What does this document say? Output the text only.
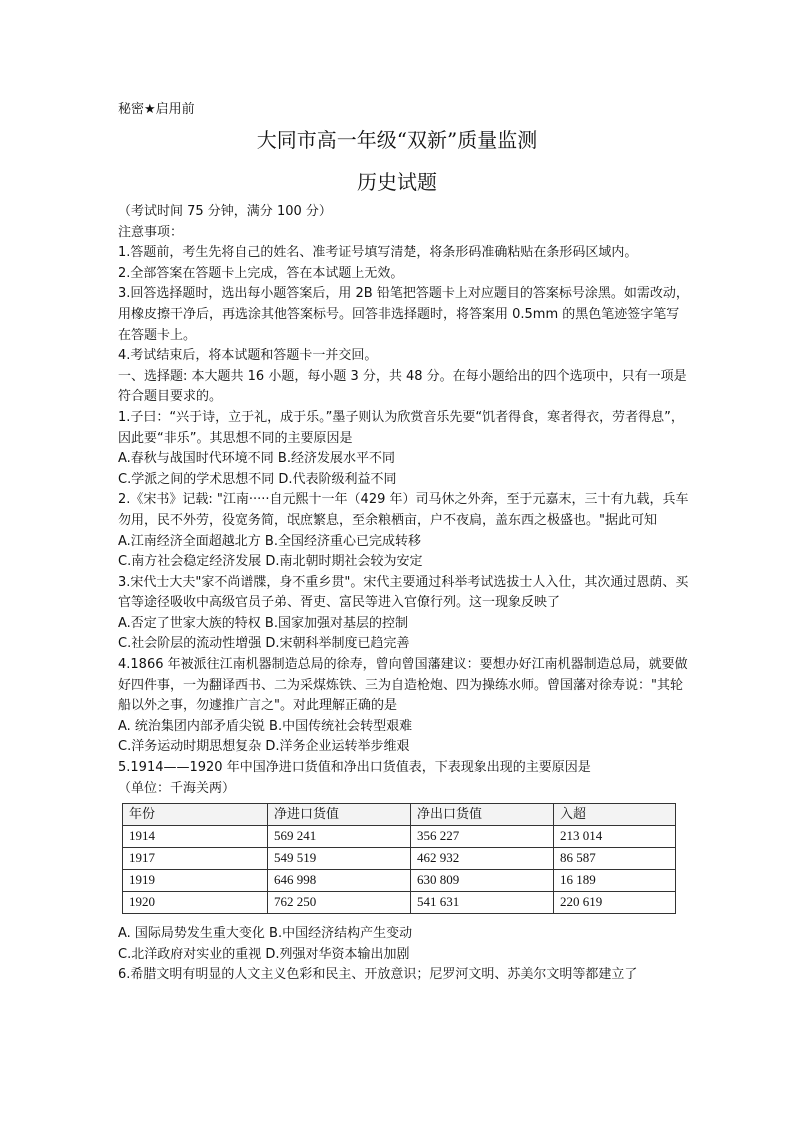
秘密★启用前
大同市高一年级“双新”质量监测
历史试题

（考试时间 75 分钟，满分 100 分）

注意事项：

1.答题前，考生先将自己的姓名、准考证号填写清楚，将条形码准确粘贴在条形码区域内。

2.全部答案在答题卡上完成，答在本试题上无效。

3.回答选择题时，选出每小题答案后，用 2B 铅笔把答题卡上对应题目的答案标号涂黑。如需改动，用橡皮擦干净后，再选涂其他答案标号。回答非选择题时，将答案用 0.5mm 的黑色笔迹签字笔写在答题卡上。

4.考试结束后，将本试题和答题卡一并交回。

一、选择题: 本大题共 16 小题，每小题 3 分，共 48 分。在每小题给出的四个选项中，只有一项是符合题目要求的。

1.子曰：“兴于诗，立于礼，成于乐。”墨子则认为欣赏音乐先要“饥者得食，寒者得衣，劳者得息”，因此要“非乐”。其思想不同的主要原因是

A.春秋与战国时代环境不同 B.经济发展水平不同

C.学派之间的学术思想不同 D.代表阶级利益不同

2.《宋书》记载: "江南·····自元熙十一年（429 年）司马休之外奔，至于元嘉末，三十有九载，兵车勿用，民不外劳，役宽务简，氓庶繁息，至余粮栖亩，户不夜扃，盖东西之极盛也。"据此可知

A.江南经济全面超越北方 B.全国经济重心已完成转移

C.南方社会稳定经济发展 D.南北朝时期社会较为安定

3.宋代士大夫"家不尚谱牒，身不重乡贯"。宋代主要通过科举考试选拔士人入仕，其次通过恩荫、买官等途径吸收中高级官员子弟、胥吏、富民等进入官僚行列。这一现象反映了

A.否定了世家大族的特权 B.国家加强对基层的控制

C.社会阶层的流动性增强 D.宋朝科举制度已趋完善

4.1866 年被派往江南机器制造总局的徐寿，曾向曾国藩建议：要想办好江南机器制造总局，就要做好四件事，一为翻译西书、二为采煤炼铁、三为自造枪炮、四为操练水师。曾国藩对徐寿说："其轮船以外之事，勿遽推广言之"。对此理解正确的是

A. 统治集团内部矛盾尖锐 B.中国传统社会转型艰难

C.洋务运动时期思想复杂 D.洋务企业运转举步维艰

5.1914——1920 年中国净进口货值和净出口货值表，下表现象出现的主要原因是

（单位：千海关两）

年份	净进口货值	净出口货值	入超
1914	569 241	356 227	213 014
1917	549 519	462 932	86 587
1919	646 998	630 809	16 189
1920	762 250	541 631	220 619

A. 国际局势发生重大变化 B.中国经济结构产生变动

C.北洋政府对实业的重视 D.列强对华资本输出加剧

6.希腊文明有明显的人文主义色彩和民主、开放意识；尼罗河文明、苏美尔文明等都建立了
